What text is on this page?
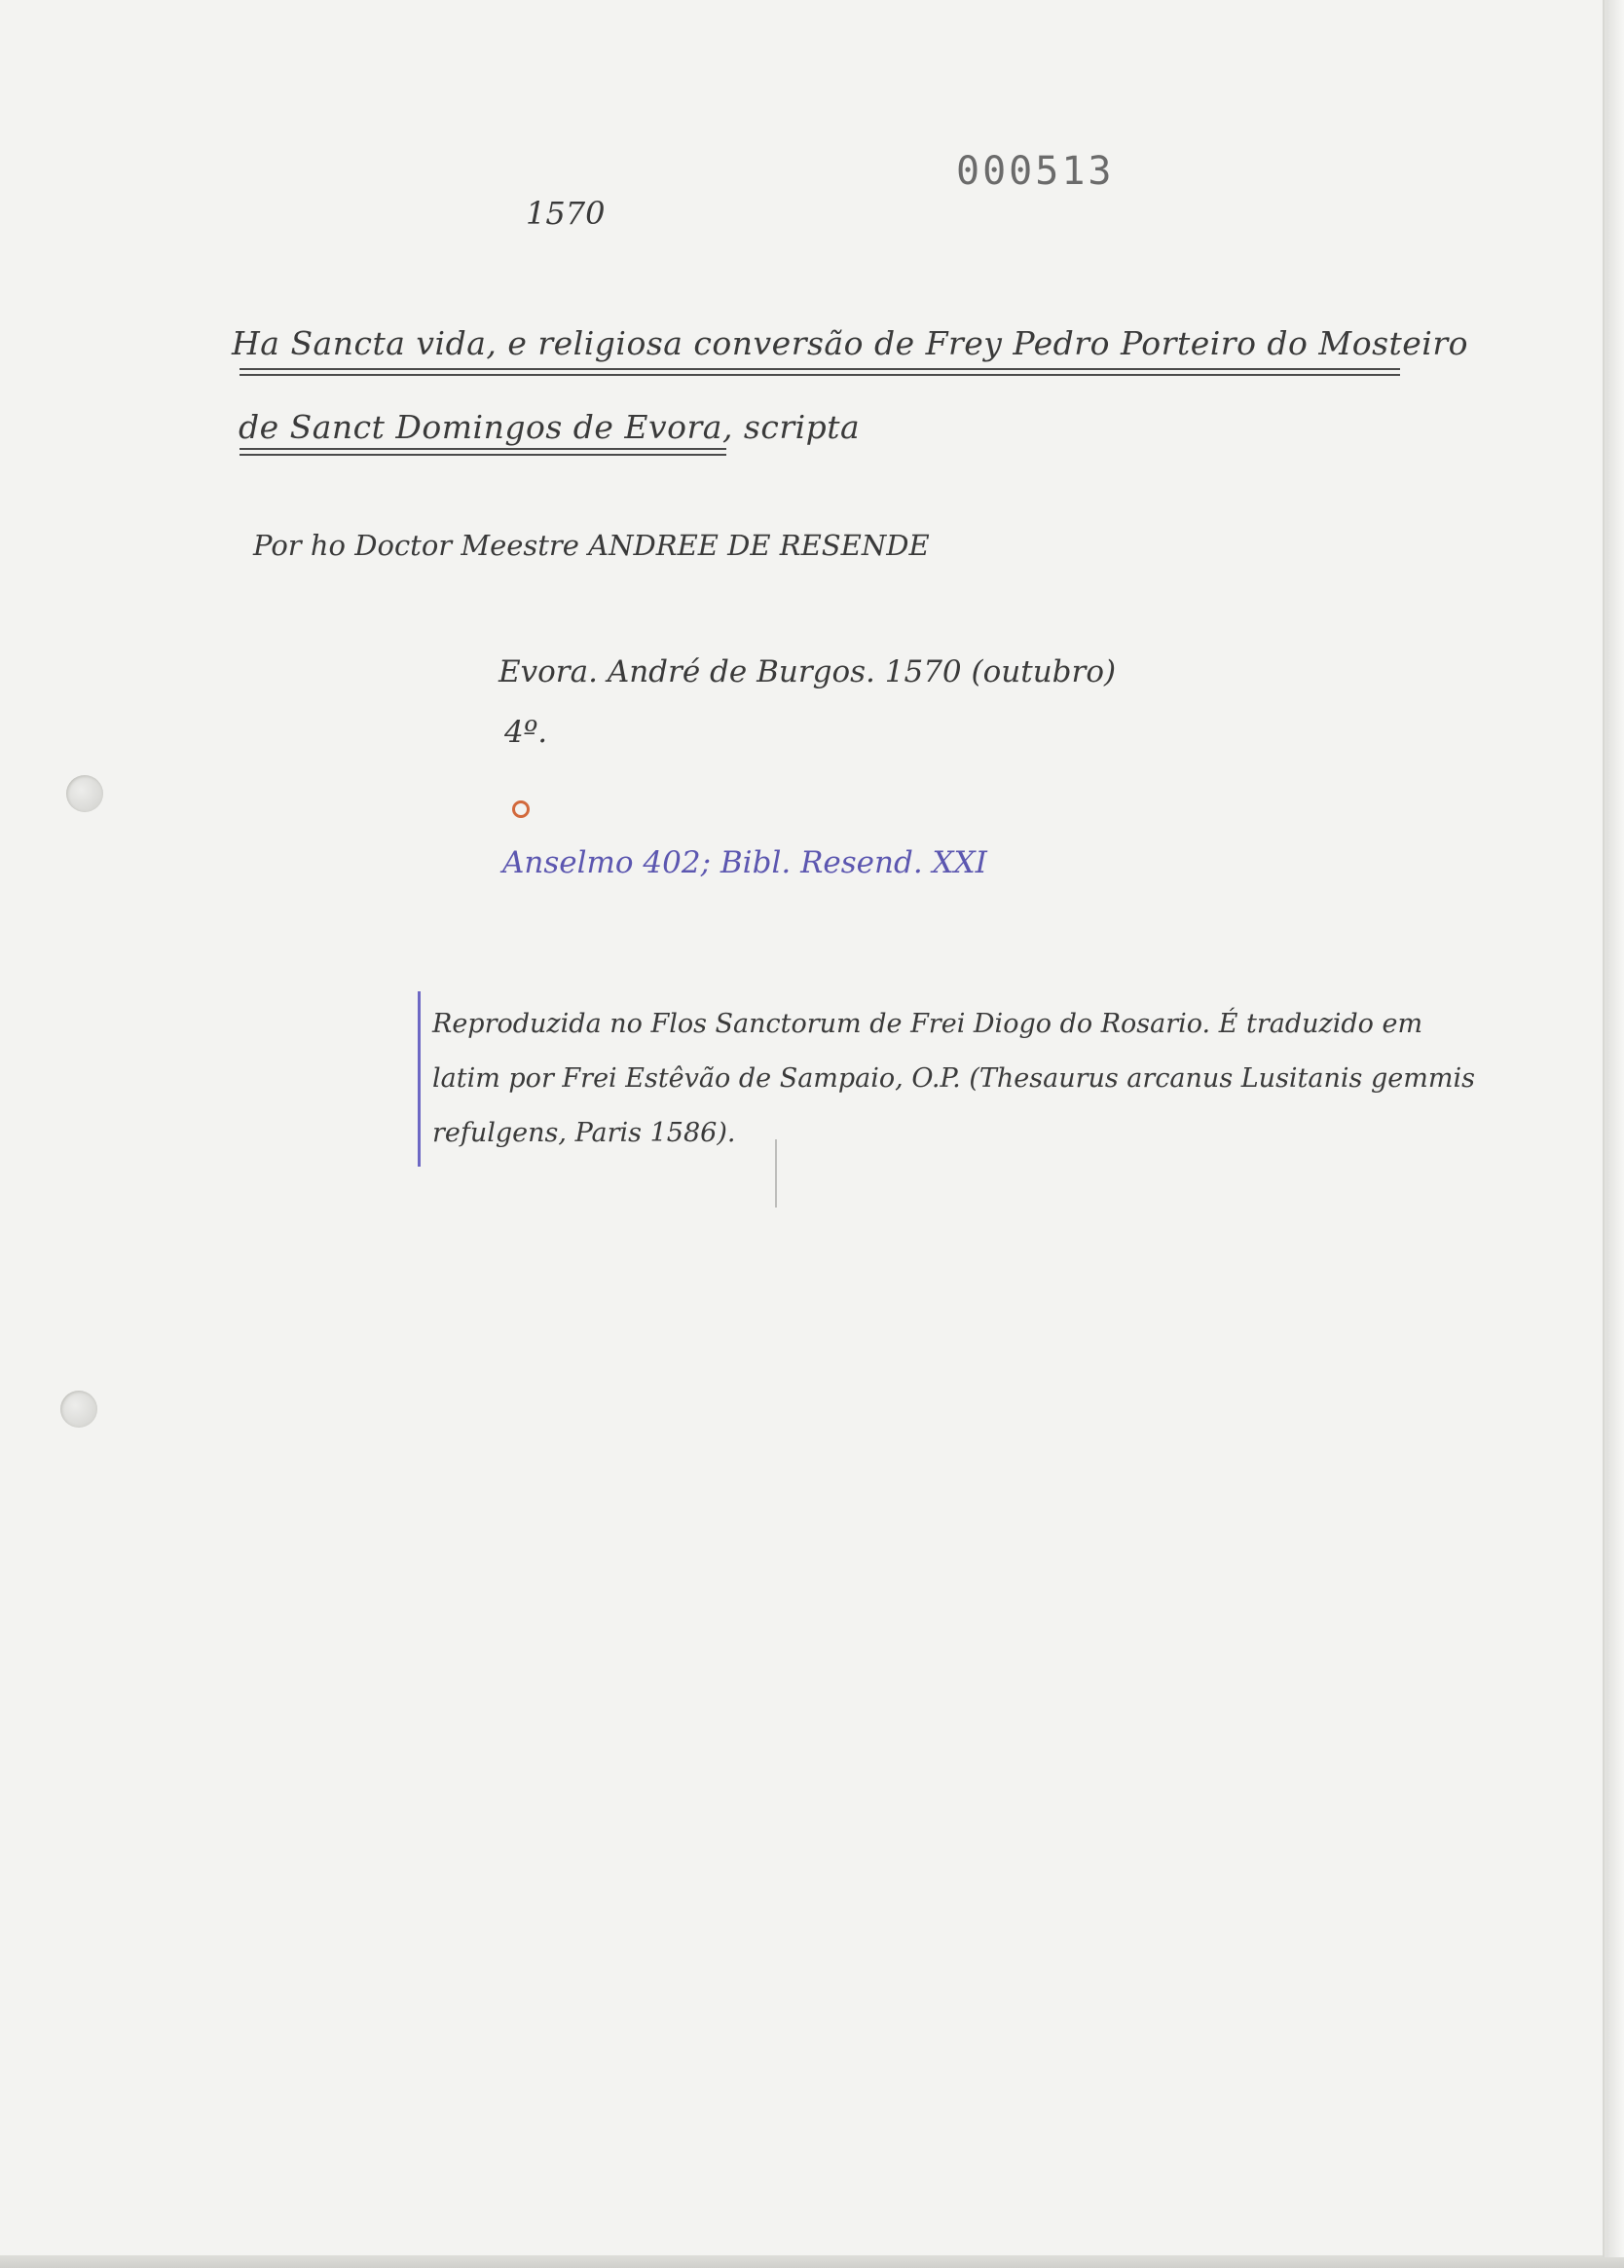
000513
1570
Ha Sancta vida, e religiosa conversão de Frey Pedro Porteiro do Mosteiro
de Sanct Domingos de Evora, scripta
Por ho Doctor Meestre ANDREE DE RESENDE
Evora. André de Burgos. 1570 (outubro)
4º.
Anselmo 402; Bibl. Resend. XXI
Reproduzida no Flos Sanctorum de Frei Diogo do Rosario. É traduzido em latim por Frei Estêvão de Sampaio, O.P. (Thesaurus arcanus Lusitanis gemmis refulgens, Paris 1586).
